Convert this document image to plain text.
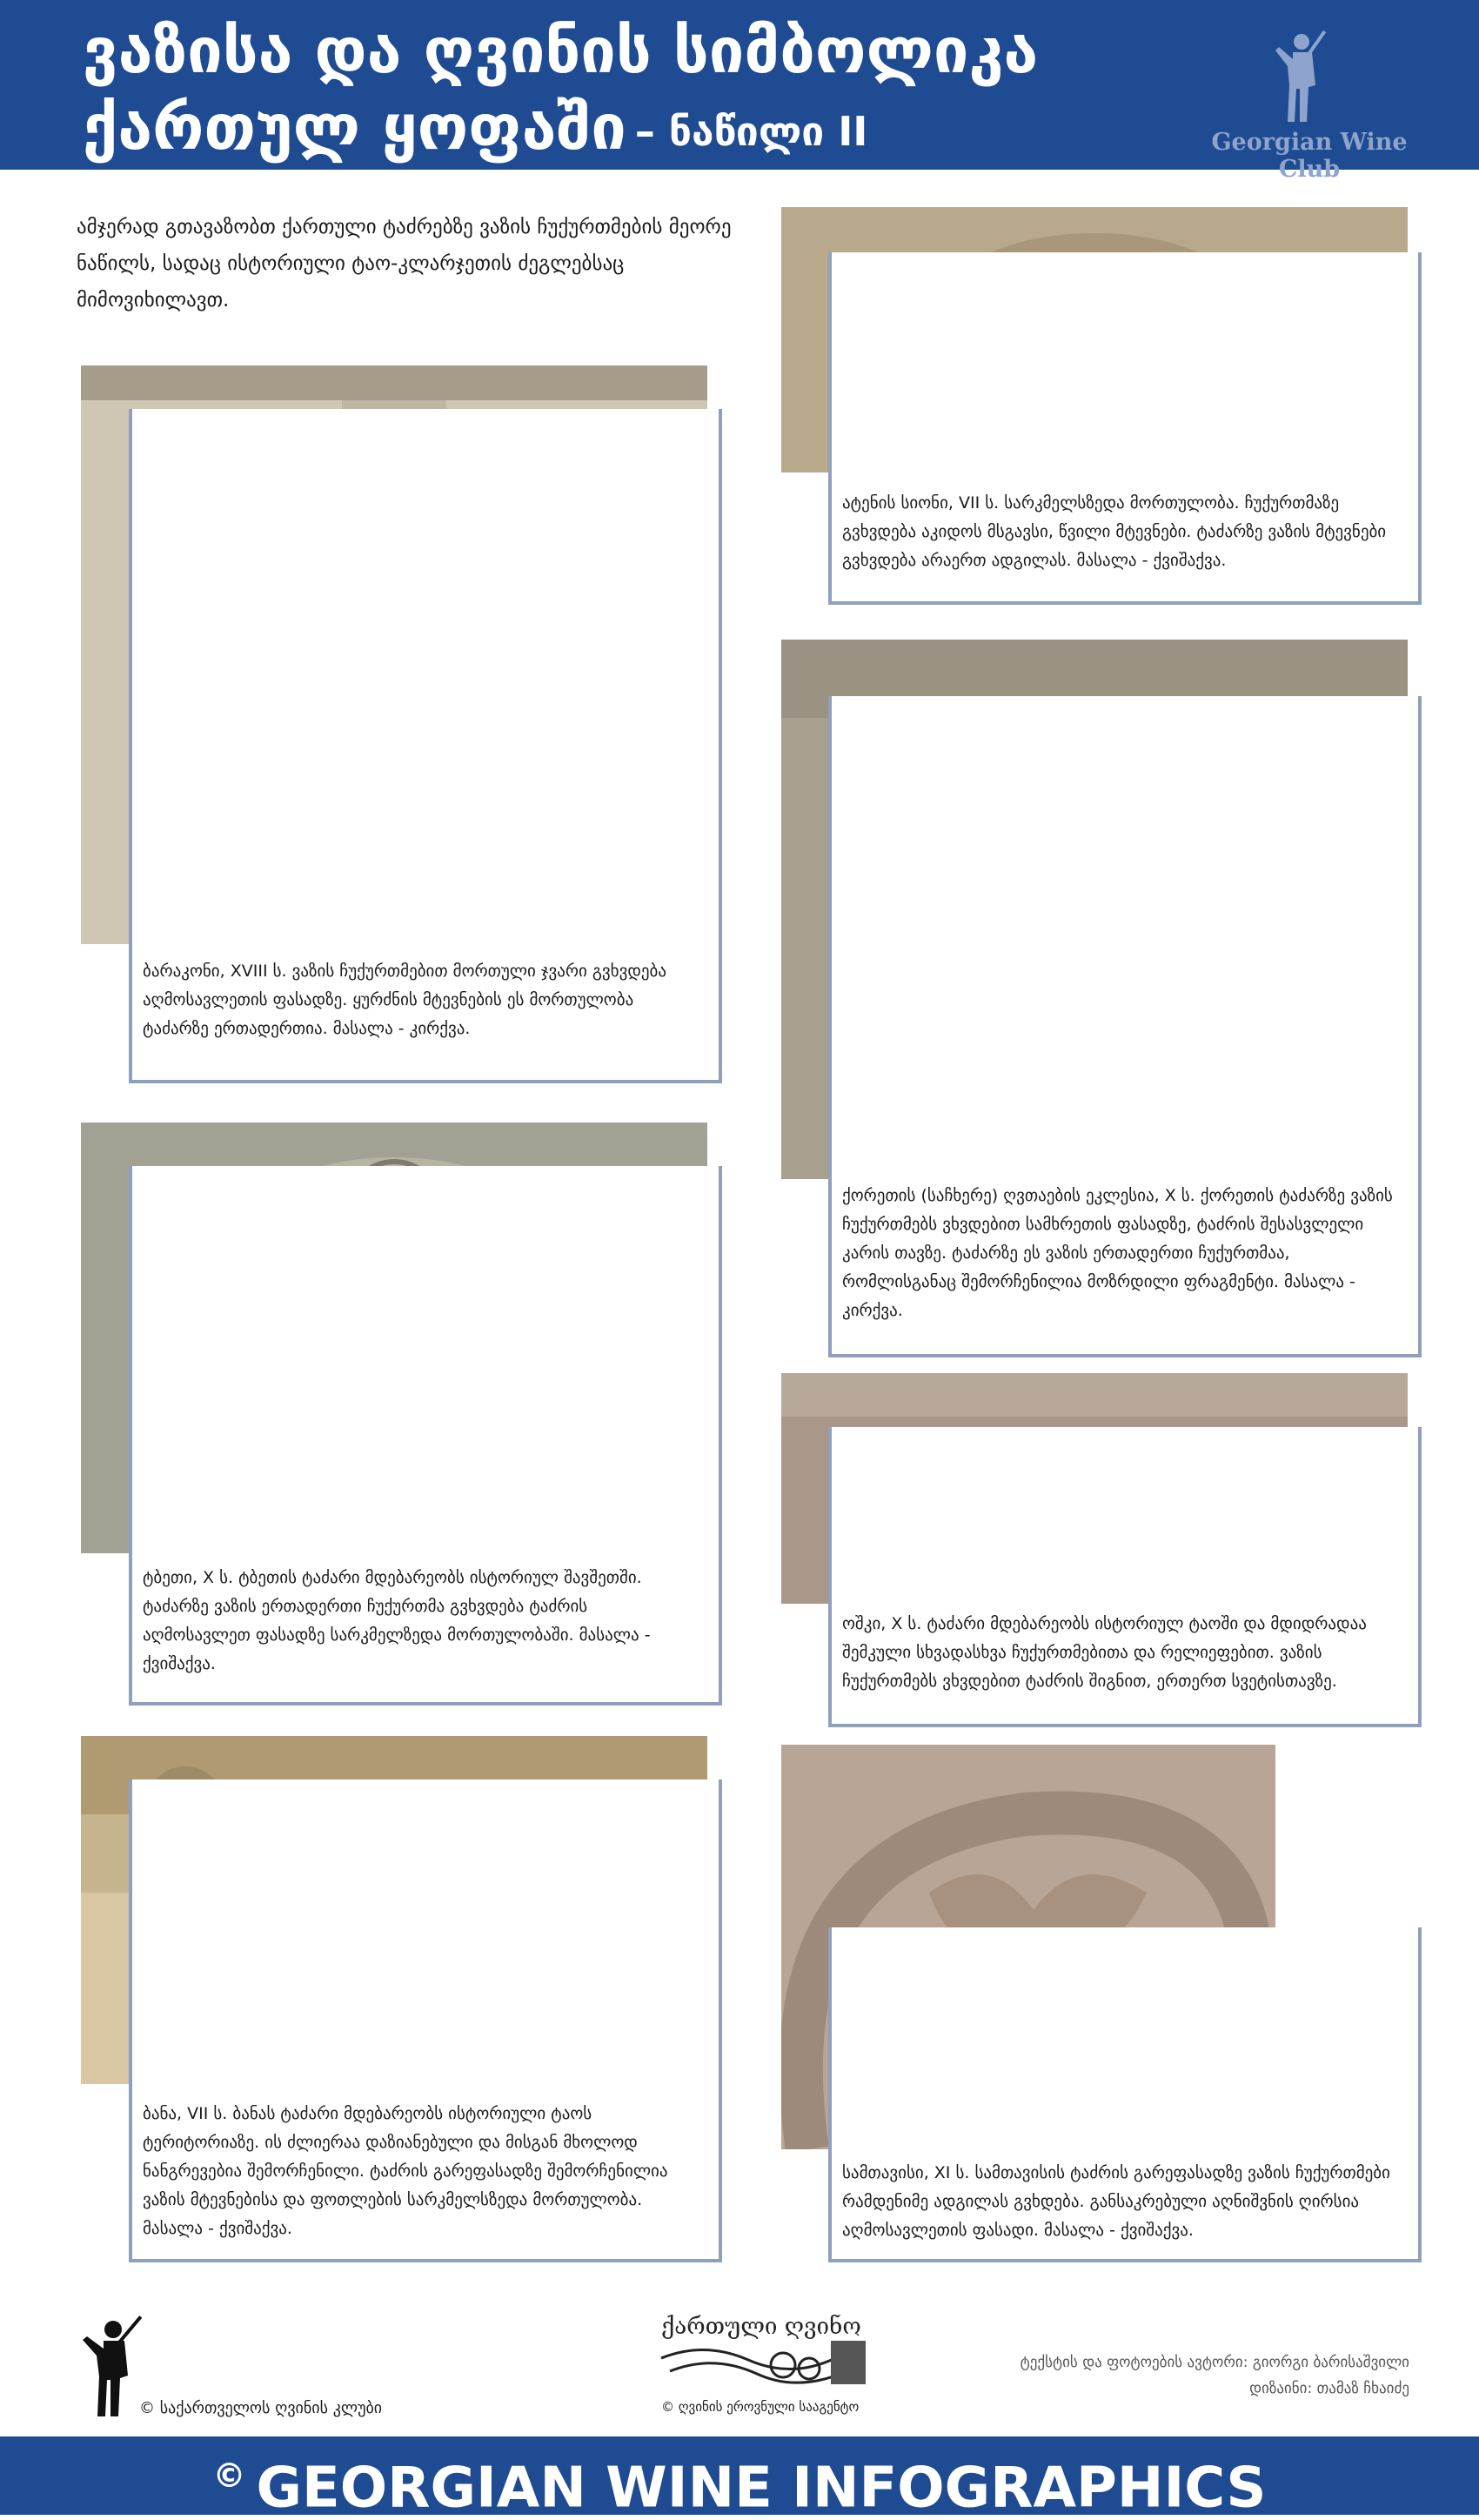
ვაზისა და ღვინის სიმბოლიკა
ქართულ ყოფაში – ნაწილი II	Georgian Wine Club
ამჯერად გთავაზობთ ქართული ტაძრებზე ვაზის ჩუქურთმების მეორე ნაწილს, სადაც ისტორიული ტაო-კლარჯეთის ძეგლებსაც მიმოვიხილავთ.
ბარაკონი, XVIII ს. ვაზის ჩუქურთმებით მორთული ჯვარი გვხვდება აღმოსავლეთის ფასადზე. ყურძნის მტევნების ეს მორთულობა ტაძარზე ერთადერთია. მასალა - კირქვა.
ატენის სიონი, VII ს. სარკმელსზედა მორთულობა. ჩუქურთმაზე გვხვდება აკიდოს მსგავსი, წვილი მტევნები. ტაძარზე ვაზის მტევნები გვხვდება არაერთ ადგილას. მასალა - ქვიშაქვა.
ქორეთის (საჩხერე) ღვთაების ეკლესია, X ს. ქორეთის ტაძარზე ვაზის ჩუქურთმებს ვხვდებით სამხრეთის ფასადზე, ტაძრის შესასვლელი კარის თავზე. ტაძარზე ეს ვაზის ერთადერთი ჩუქურთმაა, რომლისგანაც შემორჩენილია მოზრდილი ფრაგმენტი. მასალა - კირქვა.
ტბეთი, X ს. ტბეთის ტაძარი მდებარეობს ისტორიულ შავშეთში. ტაძარზე ვაზის ერთადერთი ჩუქურთმა გვხვდება ტაძრის აღმოსავლეთ ფასადზე სარკმელზედა მორთულობაში. მასალა - ქვიშაქვა.
ოშკი, X ს. ტაძარი მდებარეობს ისტორიულ ტაოში და მდიდრადაა შემკული სხვადასხვა ჩუქურთმებითა და რელიეფებით. ვაზის ჩუქურთმებს ვხვდებით ტაძრის შიგნით, ერთერთ სვეტისთავზე.
ბანა, VII ს. ბანას ტაძარი მდებარეობს ისტორიული ტაოს ტერიტორიაზე. ის ძლიერაა დაზიანებული და მისგან მხოლოდ ნანგრევებია შემორჩენილი. ტაძრის გარეფასადზე შემორჩენილია ვაზის მტევნებისა და ფოთლების სარკმელსზედა მორთულობა. მასალა - ქვიშაქვა.
სამთავისი, XI ს. სამთავისის ტაძრის გარეფასადზე ვაზის ჩუქურთმები რამდენიმე ადგილას გვხდება. განსაკრებული აღნიშვნის ღირსია აღმოსავლეთის ფასადი. მასალა - ქვიშაქვა.
© საქართველოს ღვინის კლუბი
ქართული ღვინო
© ღვინის ეროვნული სააგენტო
ტექსტის და ფოტოების ავტორი: გიორგი ბარისაშვილი
დიზაინი: თამაზ ჩხაიძე
© GEORGIAN WINE INFOGRAPHICS
